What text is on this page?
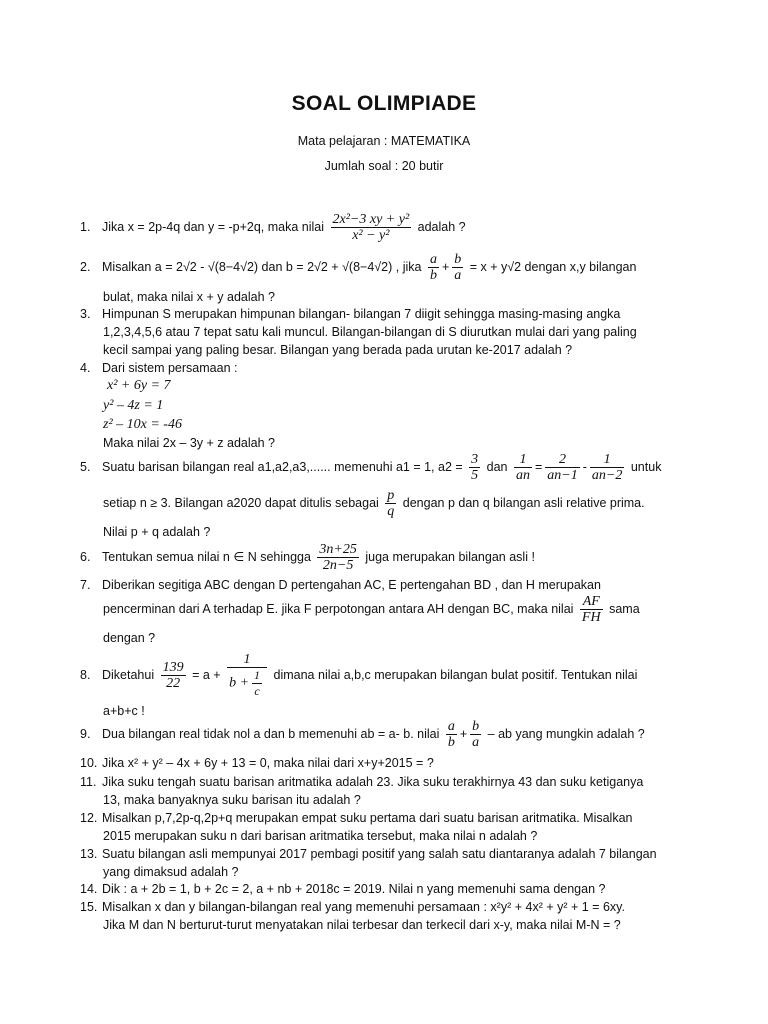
SOAL OLIMPIADE
Mata pelajaran : MATEMATIKA
Jumlah soal : 20 butir
1. Jika x = 2p-4q dan y = -p+2q, maka nilai $\frac{\text{2x²−3 xy + y²}}{\text{x² − y²}}$ adalah ?
2. Misalkan a = 2√2 - √(8−4√2) dan b = 2√2 + √(8−4√2) , jika $\frac{a}{b} + \frac{b}{a} = x + y√2$ dengan x,y bilangan
bulat, maka nilai x + y adalah ?
3. Himpunan S merupakan himpunan bilangan- bilangan 7 diigit sehingga masing-masing angka
1,2,3,4,5,6 atau 7 tepat satu kali muncul. Bilangan-bilangan di S diurutkan mulai dari yang paling
kecil sampai yang paling besar. Bilangan yang berada pada urutan ke-2017 adalah ?
4. Dari sistem persamaan :
x² + 6y = 7
y² – 4z = 1
z² – 10x = -46
Maka nilai 2x – 3y + z adalah ?
5. Suatu barisan bilangan real a1,a2,a3,...... memenuhi a1 = 1, $a2 = \frac{3}{5}$ dan $\frac{1}{an} = \frac{2}{an-1} - \frac{1}{an-2}$ untuk
setiap n ≥ 3. Bilangan a2020 dapat ditulis sebagai $\frac{p}{q}$ dengan p dan q bilangan asli relative prima.
Nilai p + q adalah ?
6. Tentukan semua nilai n ∈ N sehingga $\frac{3n+25}{2n-5}$ juga merupakan bilangan asli !
7. Diberikan segitiga ABC dengan D pertengahan AC, E pertengahan BD , dan H merupakan
pencerminan dari A terhadap E. jika F perpotongan antara AH dengan BC, maka nilai $\frac{AF}{FH}$ sama
dengan ?
8. Diketahui $\frac{139}{22} = a + \frac{1}{b + \frac{1}{c}}$ dimana nilai a,b,c merupakan bilangan bulat positif. Tentukan nilai
a+b+c !
9. Dua bilangan real tidak nol a dan b memenuhi ab = a- b. nilai $\frac{a}{b} + \frac{b}{a}$ – ab yang mungkin adalah ?
10. Jika x² + y² – 4x + 6y + 13 = 0, maka nilai dari x+y+2015 = ?
11. Jika suku tengah suatu barisan aritmatika adalah 23. Jika suku terakhirnya 43 dan suku ketiganya
13, maka banyaknya suku barisan itu adalah ?
12. Misalkan p,7,2p-q,2p+q merupakan empat suku pertama dari suatu barisan aritmatika. Misalkan
2015 merupakan suku n dari barisan aritmatika tersebut, maka nilai n adalah ?
13. Suatu bilangan asli mempunyai 2017 pembagi positif yang salah satu diantaranya adalah 7 bilangan
yang dimaksud adalah ?
14. Dik : a + 2b = 1, b + 2c = 2, a + nb + 2018c = 2019. Nilai n yang memenuhi sama dengan ?
15. Misalkan x dan y bilangan-bilangan real yang memenuhi persamaan : x²y² + 4x² + y² + 1 = 6xy.
Jika M dan N berturut-turut menyatakan nilai terbesar dan terkecil dari x-y, maka nilai M-N = ?
